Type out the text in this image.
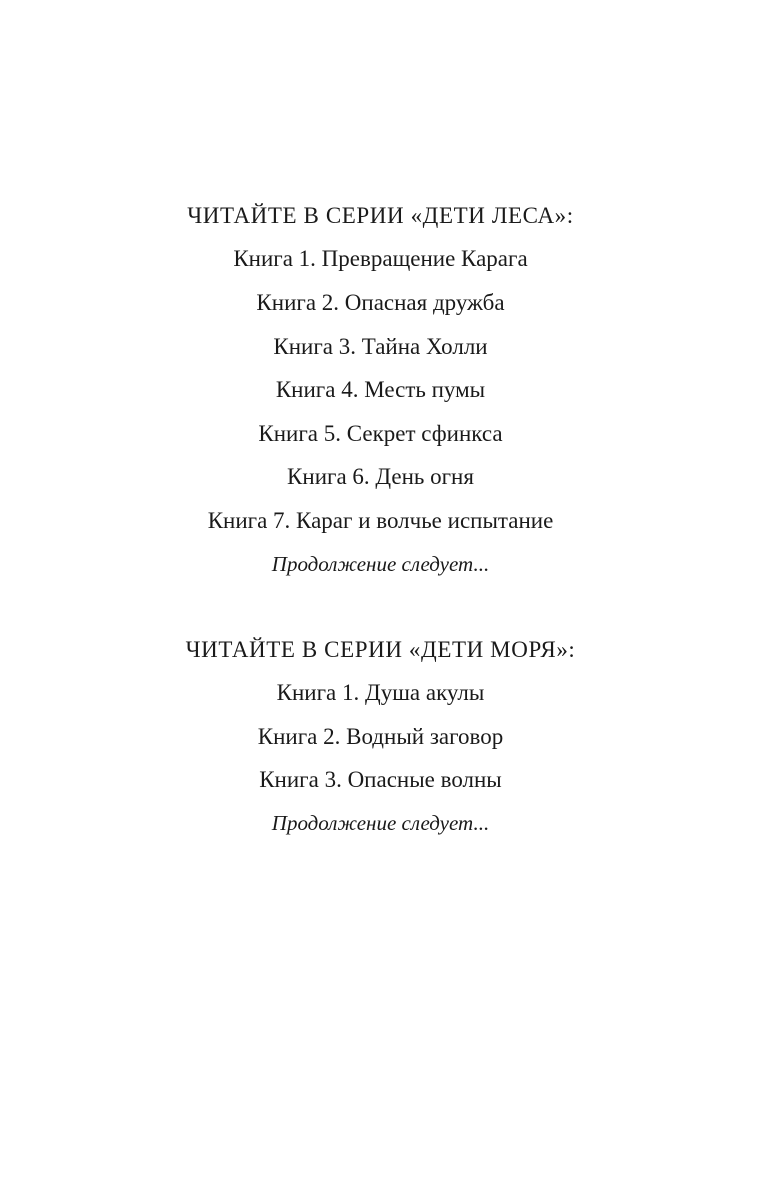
ЧИТАЙТЕ В СЕРИИ «ДЕТИ ЛЕСА»:
Книга 1. Превращение Карага
Книга 2. Опасная дружба
Книга 3. Тайна Холли
Книга 4. Месть пумы
Книга 5. Секрет сфинкса
Книга 6. День огня
Книга 7. Караг и волчье испытание
Продолжение следует...
ЧИТАЙТЕ В СЕРИИ «ДЕТИ МОРЯ»:
Книга 1. Душа акулы
Книга 2. Водный заговор
Книга 3. Опасные волны
Продолжение следует...
